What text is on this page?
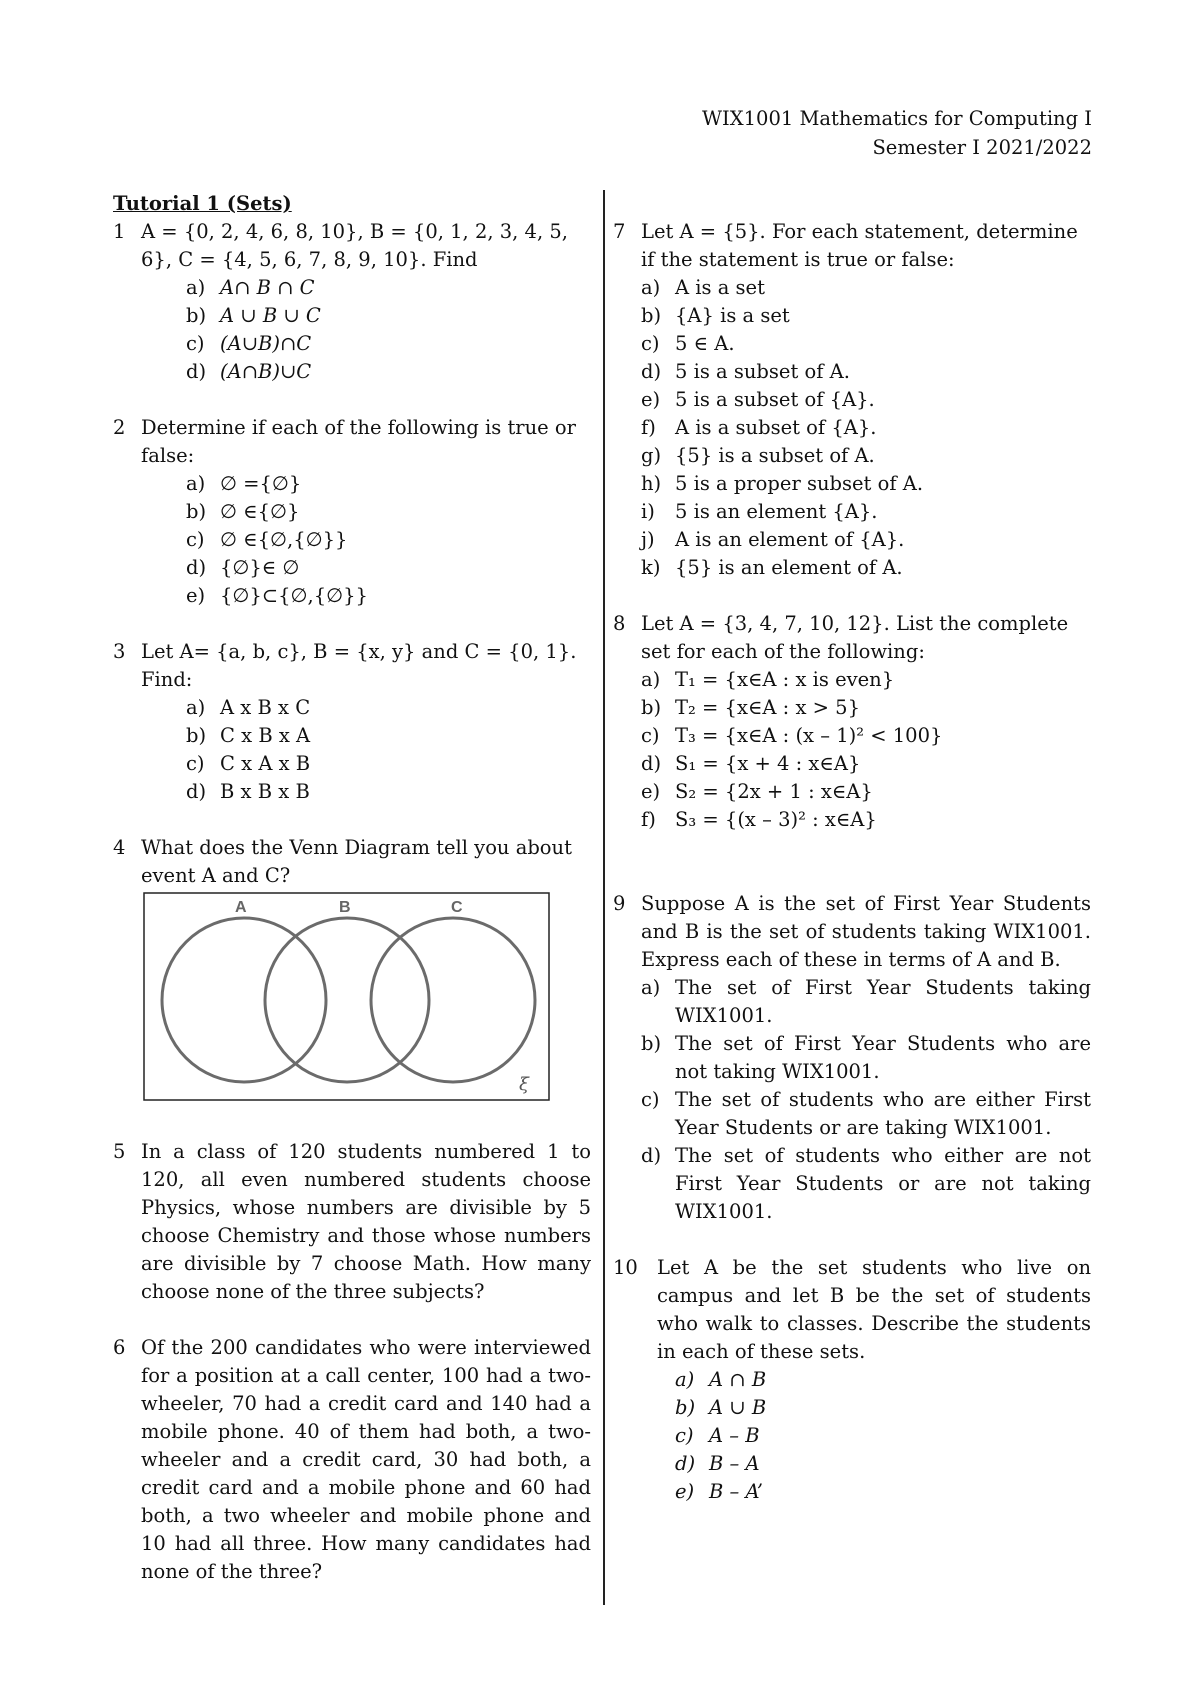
WIX1001 Mathematics for Computing I
Semester I 2021/2022
Tutorial 1 (Sets)
1 A = {0, 2, 4, 6, 8, 10}, B = {0, 1, 2, 3, 4, 5, 6}, C = {4, 5, 6, 7, 8, 9, 10}. Find
a) A∩ B ∩ C
b) A ∪ B ∪ C
c) (A∪B)∩C
d) (A∩B)∪C
2 Determine if each of the following is true or false:
a) ∅ ={∅}
b) ∅ ∈{∅}
c) ∅ ∈{∅,{∅}}
d) {∅}∈ ∅
e) {∅}⊂{∅,{∅}}
3 Let A= {a, b, c}, B = {x, y} and C = {0, 1}. Find:
a) A x B x C
b) C x B x A
c) C x A x B
d) B x B x B
4 What does the Venn Diagram tell you about event A and C?
A	B	C
ξ
5 In a class of 120 students numbered 1 to 120, all even numbered students choose Physics, whose numbers are divisible by 5 choose Chemistry and those whose numbers are divisible by 7 choose Math. How many choose none of the three subjects?
6 Of the 200 candidates who were interviewed for a position at a call center, 100 had a two-wheeler, 70 had a credit card and 140 had a mobile phone. 40 of them had both, a two-wheeler and a credit card, 30 had both, a credit card and a mobile phone and 60 had both, a two wheeler and mobile phone and 10 had all three. How many candidates had none of the three?
7 Let A = {5}. For each statement, determine if the statement is true or false:
a) A is a set
b) {A} is a set
c) 5 ∈ A.
d) 5 is a subset of A.
e) 5 is a subset of {A}.
f) A is a subset of {A}.
g) {5} is a subset of A.
h) 5 is a proper subset of A.
i)	5 is an element {A}.
j)	A is an element of {A}.
k) {5} is an element of A.
8 Let A = {3, 4, 7, 10, 12}. List the complete set for each of the following:
a) T₁ = {x∈A : x is even}
b) T₂ = {x∈A : x > 5}
c) T₃ = {x∈A : (x – 1)² < 100}
d) S₁ = {x + 4 : x∈A}
e) S₂ = {2x + 1 : x∈A}
f) S₃ = {(x – 3)² : x∈A}
9 Suppose A is the set of First Year Students and B is the set of students taking WIX1001. Express each of these in terms of A and B.
a) The set of First Year Students taking WIX1001.
b) The set of First Year Students who are not taking WIX1001.
c) The set of students who are either First Year Students or are taking WIX1001.
d) The set of students who either are not First Year Students or are not taking WIX1001.
10 Let A be the set students who live on campus and let B be the set of students who walk to classes. Describe the students in each of these sets.
a) A ∩ B
b) A ∪ B
c) A – B
d) B – A
e) B – A’
